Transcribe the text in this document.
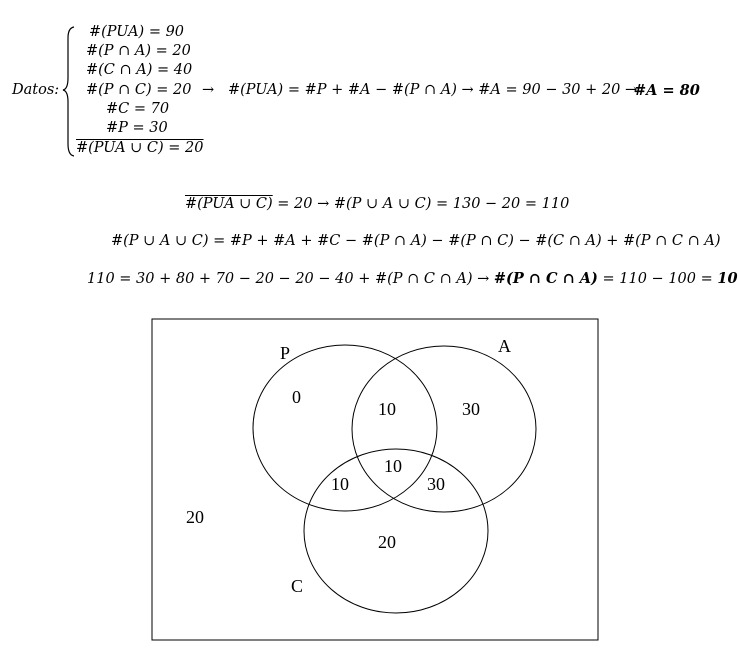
Datos:
#(PUA) = 90
#(P ∩ A) = 20
#(C ∩ A) = 40
#(P ∩ C) = 20
#C = 70
#P = 30
#(PUA ∪ C) = 20
→ #(PUA) = #P + #A − #(P ∩ A) → #A = 90 − 30 + 20 →
#A = 80
#(PUA ∪ C) = 20 → #(P ∪ A ∪ C) = 130 − 20 = 110
#(P ∪ A ∪ C) = #P + #A + #C − #(P ∩ A) − #(P ∩ C) − #(C ∩ A) + #(P ∩ C ∩ A)
110 = 30 + 80 + 70 − 20 − 20 − 40 + #(P ∩ C ∩ A) → #(P ∩ C ∩ A) = 110 − 100 = 10
P	A
C
0
10	30
10
10	30
20
20
